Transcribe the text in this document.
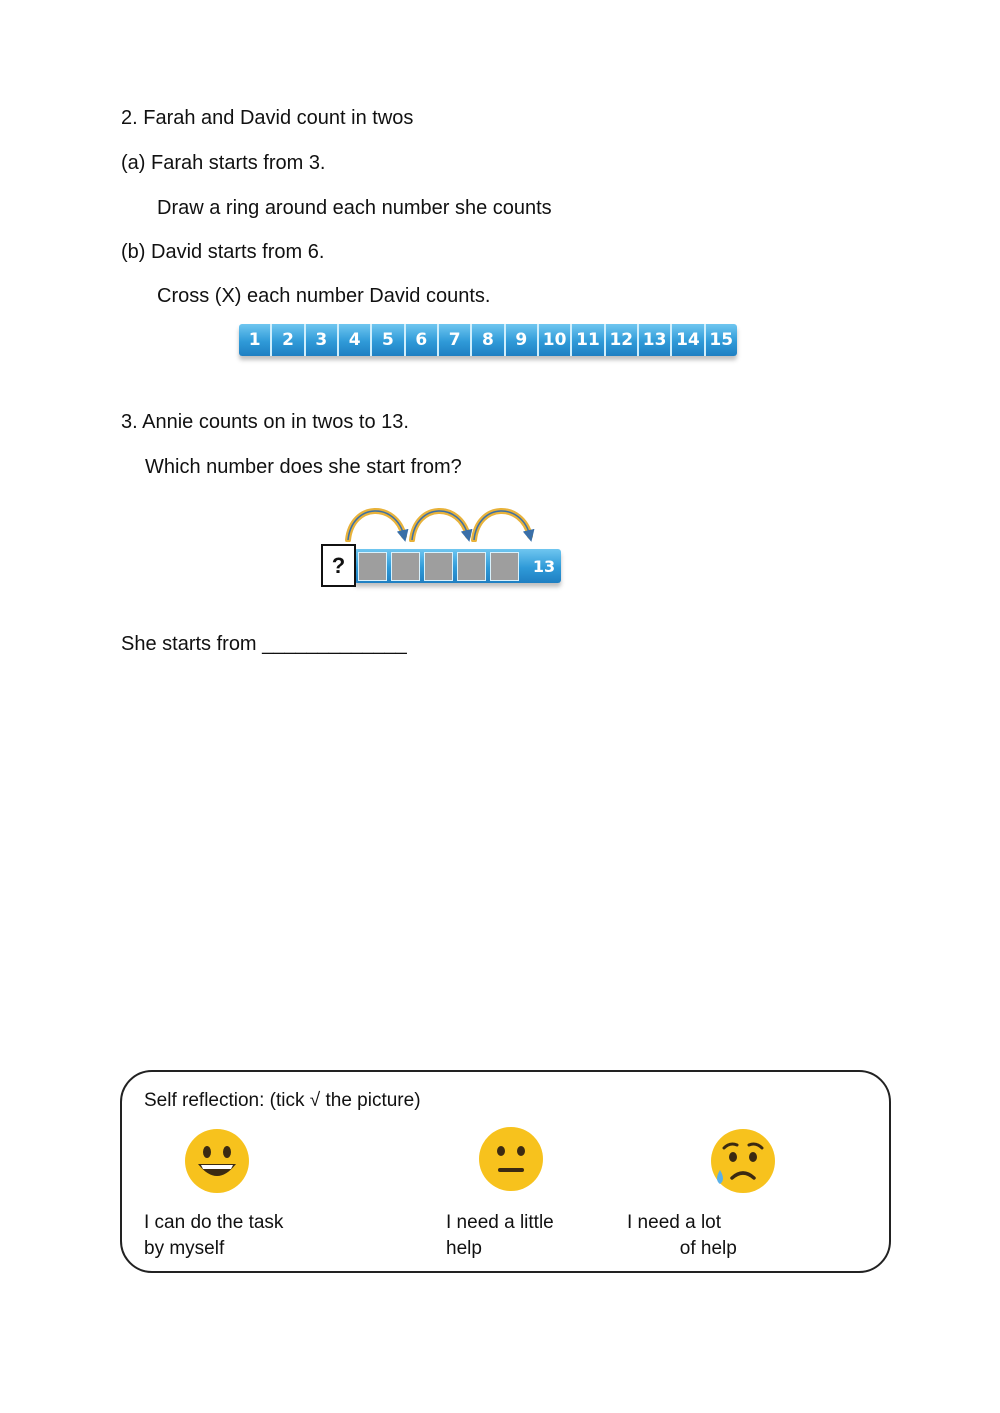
2. Farah and David count in twos
(a) Farah starts from 3.
Draw a ring around each number she counts
(b) David starts from 6.
Cross (X) each number David counts.
1	2	3	4	5	6	7	8	9 10 11 12 13 14 15
3. Annie counts on in twos to 13.
Which number does she start from?
13
?
She starts from _____________
Self reflection: (tick √ the picture)
I can do the task
by myself
I need a little
help
I need a lot
of help
